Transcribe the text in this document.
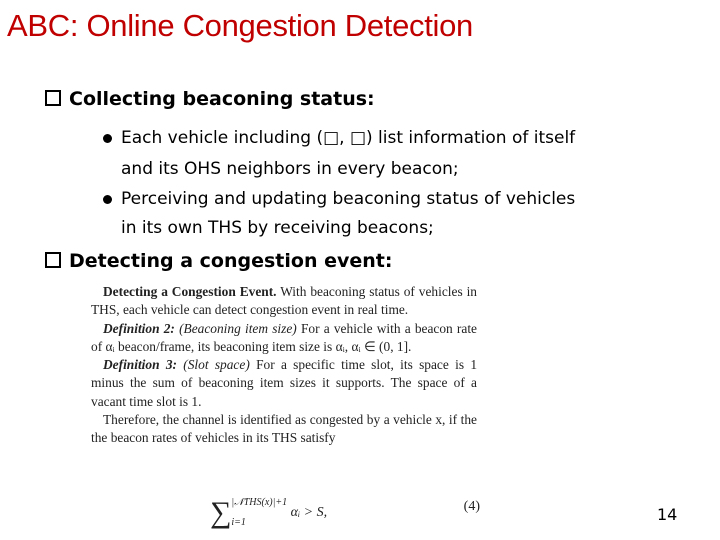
ABC: Online Congestion Detection
Collecting beaconing status:
Each vehicle including (□, □) list information of itself
and its OHS neighbors in every beacon;
Perceiving and updating beaconing status of vehicles
in its own THS by receiving beacons;
Detecting a congestion event:

Detecting a Congestion Event. With beaconing status of vehicles in THS, each vehicle can detect congestion event in real time.

Definition 2: (Beaconing item size) For a vehicle with a beacon rate of αᵢ beacon/frame, its beaconing item size is αᵢ, αᵢ ∈ (0, 1].

Definition 3: (Slot space) For a specific time slot, its space is 1 minus the sum of beaconing item sizes it supports. The space of a vacant time slot is 1.

Therefore, the channel is identified as congested by a vehicle x, if the the beacon rates of vehicles in its THS satisfy

∑ |𝒩THS(x)|+1
i=1
αᵢ > S,	(4)	14
